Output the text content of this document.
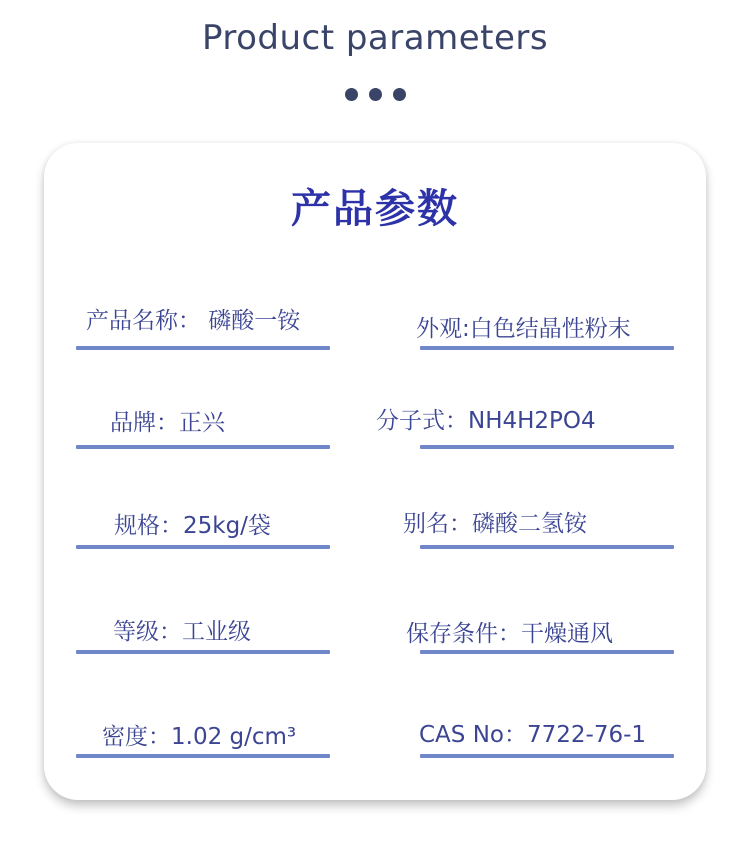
Product parameters
产品参数
产品名称： 磷酸一铵	外观:白色结晶性粉末
品牌：正兴	分子式：NH4H2PO4
规格：25kg/袋	别名：磷酸二氢铵
等级：工业级	保存条件：干燥通风
密度：1.02 g/cm³	CAS No：7722-76-1
